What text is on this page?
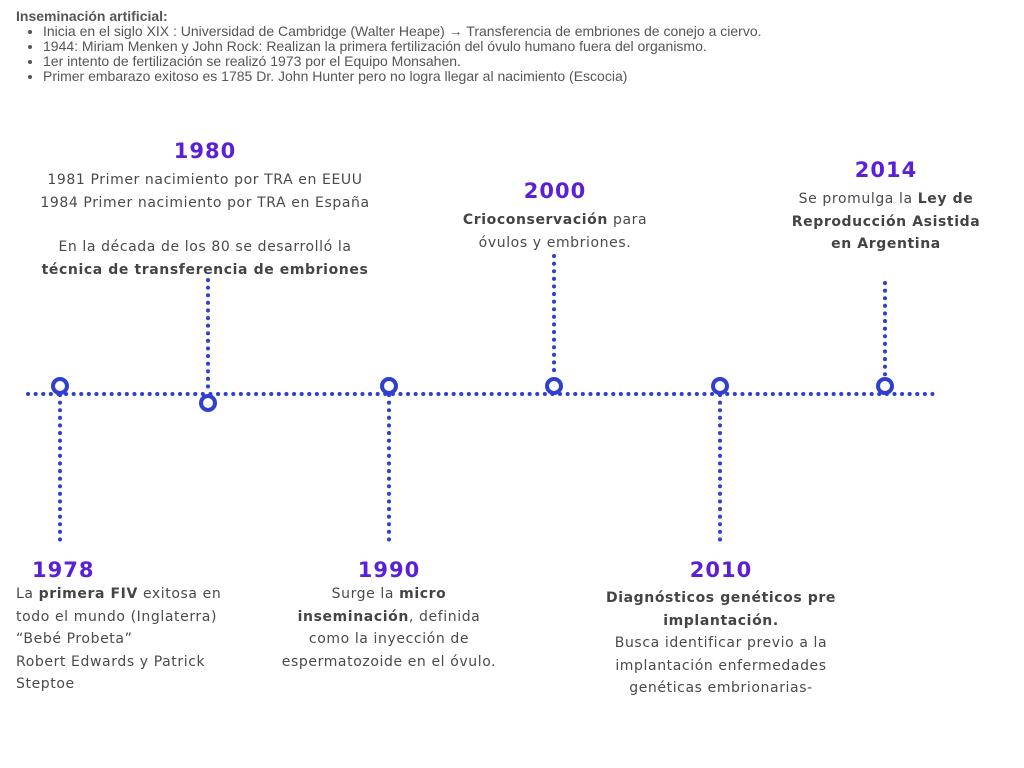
Inseminación artificial:
• Inicia en el siglo XIX : Universidad de Cambridge (Walter Heape) → Transferencia de embriones de conejo a ciervo.
• 1944: Miriam Menken y John Rock: Realizan la primera fertilización del óvulo humano fuera del organismo.
• 1er intento de fertilización se realizó 1973 por el Equipo Monsahen.
• Primer embarazo exitoso es 1785 Dr. John Hunter pero no logra llegar al nacimiento (Escocia)
1980
1981 Primer nacimiento por TRA en EEUU
1984 Primer nacimiento por TRA en España
En la década de los 80 se desarrolló la
técnica de transferencia de embriones
2000
Crioconservación para
óvulos y embriones.
2014
Se promulga la Ley de
Reproducción Asistida
en Argentina
1978
La primera FIV exitosa en
todo el mundo (Inglaterra)
“Bebé Probeta”
Robert Edwards y Patrick
Steptoe
1990
Surge la micro
inseminación, definida
como la inyección de
espermatozoide en el óvulo.
2010
Diagnósticos genéticos pre
implantación.
Busca identificar previo a la
implantación enfermedades
genéticas embrionarias-
